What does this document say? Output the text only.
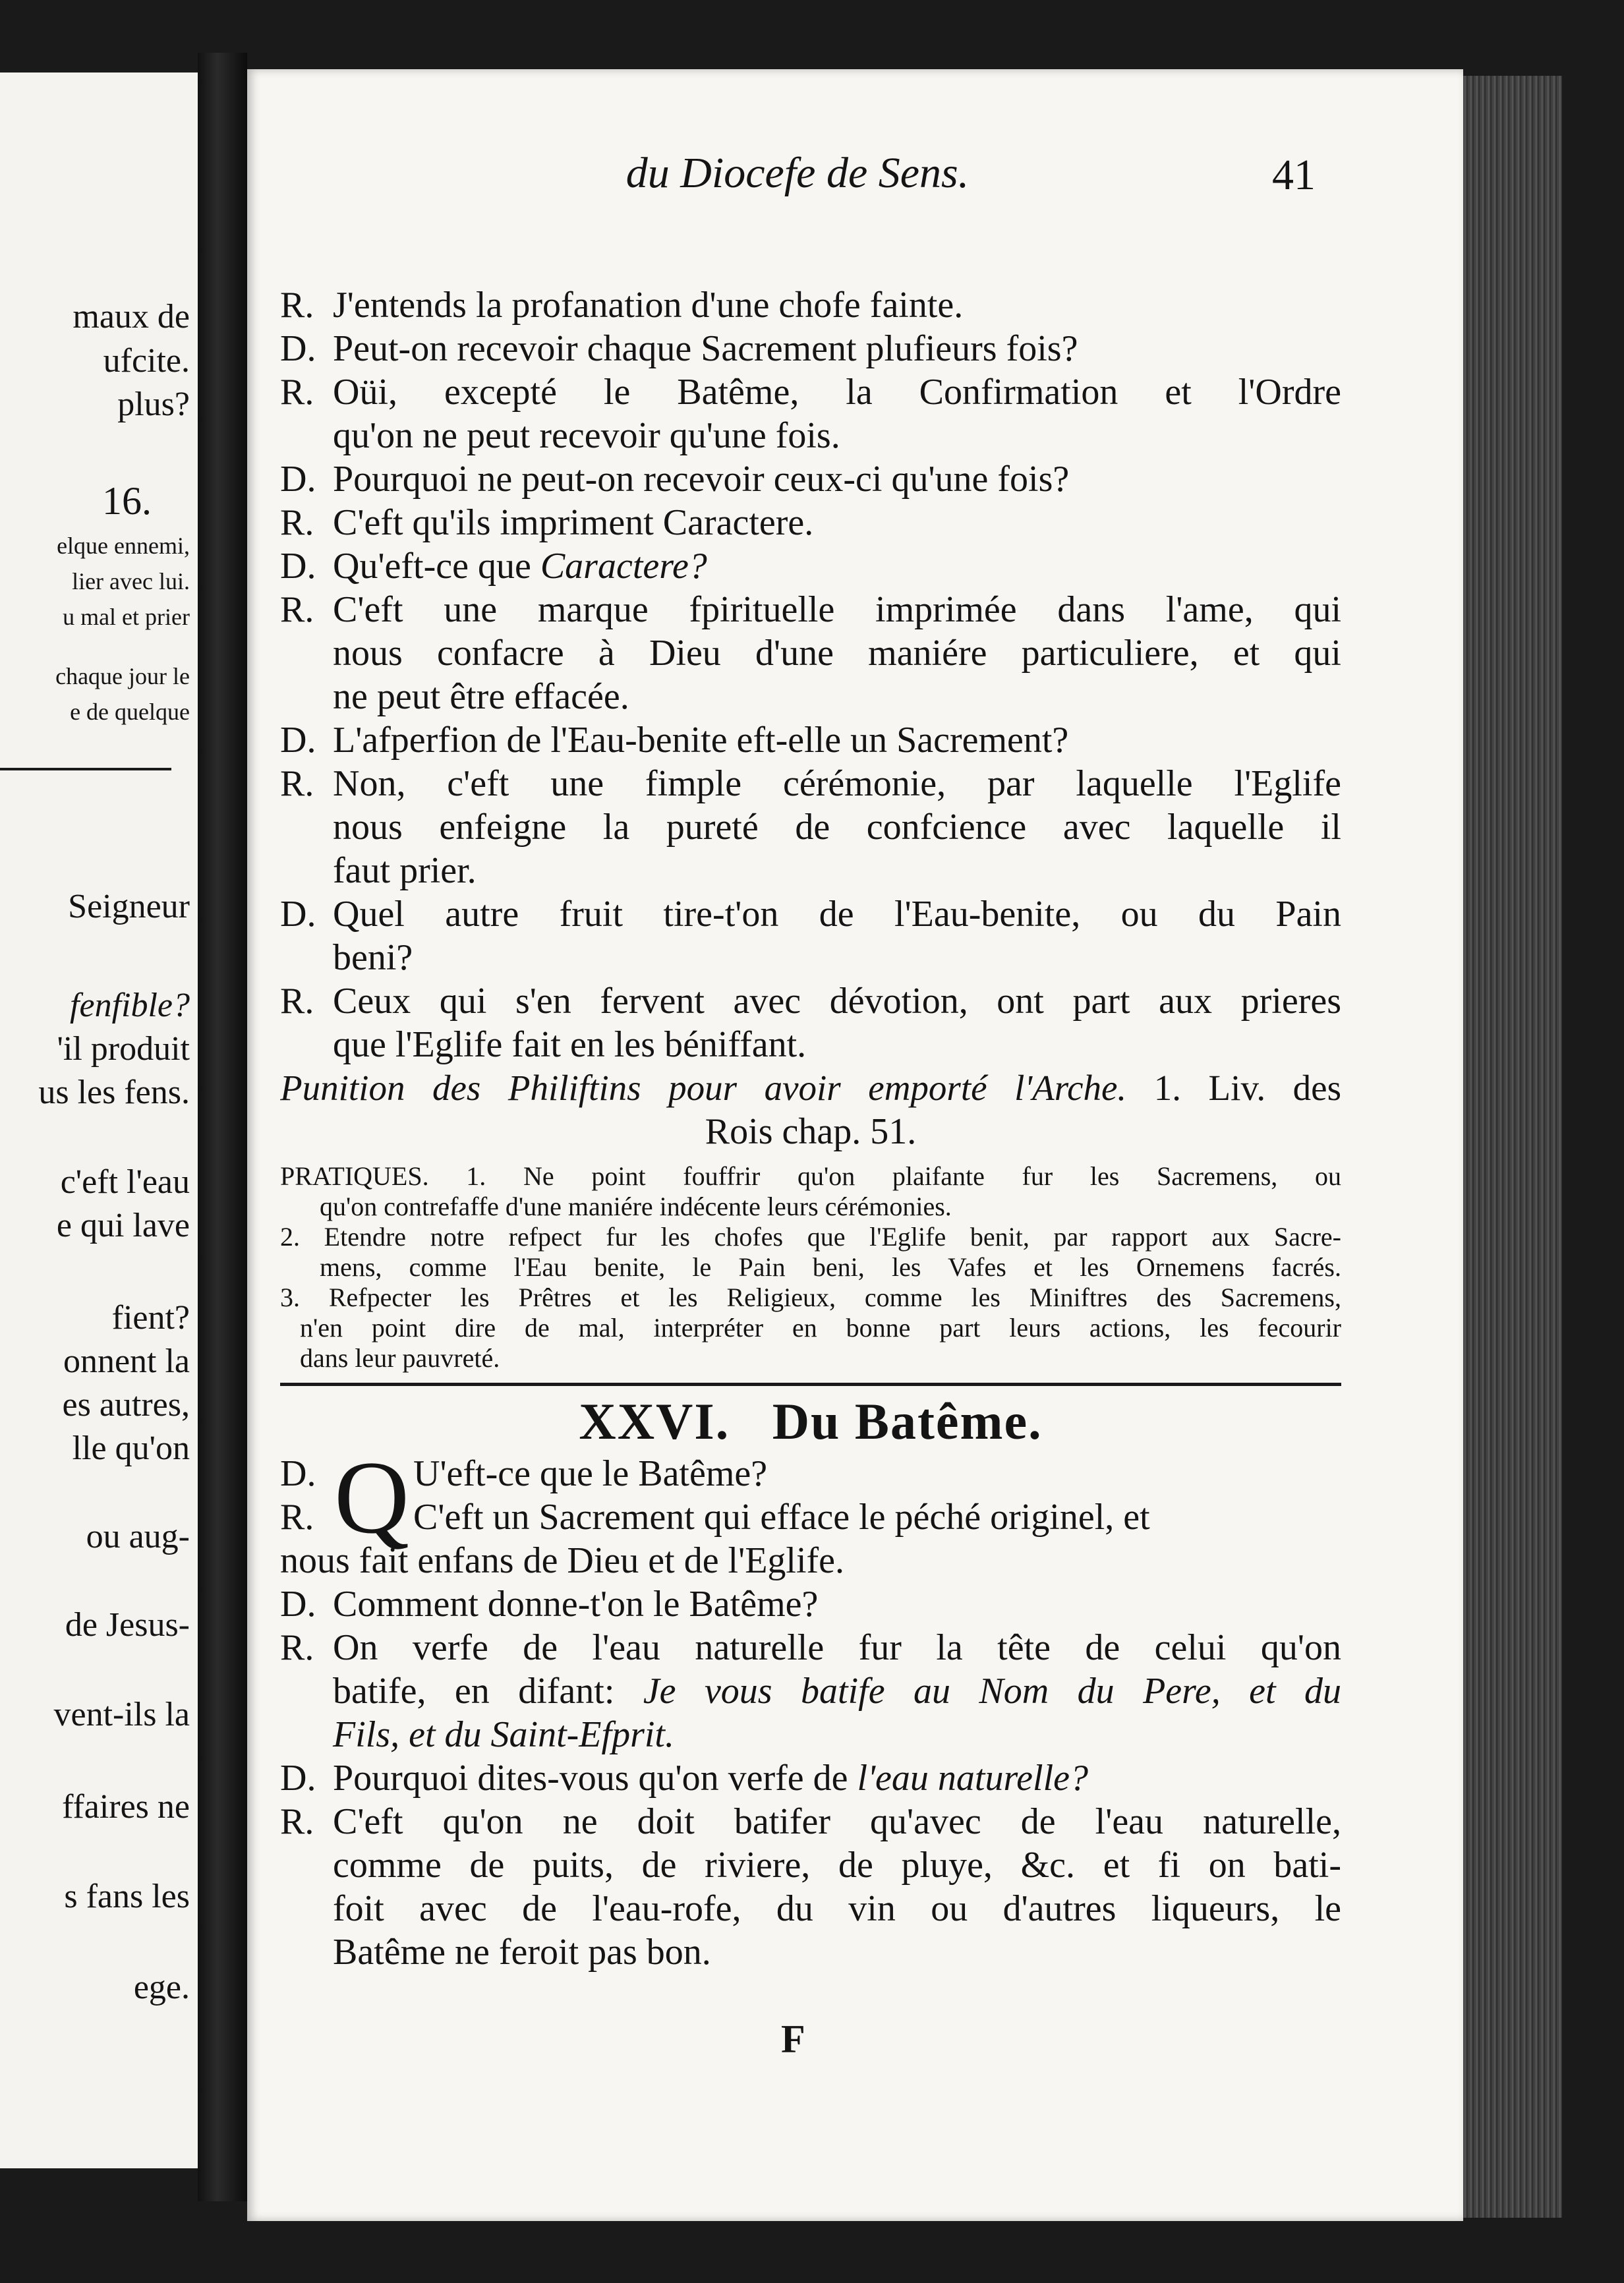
maux de
ufcite.
plus?
16.
elque ennemi,
lier avec lui.
u mal et prier
chaque jour le
e de quelque
Seigneur
fenfible?
'il produit
us les fens.
c'eft l'eau
e qui lave
fient?
onnent la
es autres,
lle qu'on
ou aug-
de Jesus-
vent-ils la
ffaires ne
s fans les
ege.
du Diocefe de Sens.	41
R. J'entends la profanation d'une chofe fainte.
D. Peut-on recevoir chaque Sacrement plufieurs fois?
R. Oüi, excepté le Batême, la Confirmation et l'Ordre
qu'on ne peut recevoir qu'une fois.
D. Pourquoi ne peut-on recevoir ceux-ci qu'une fois?
R. C'eft qu'ils impriment Caractere.
D. Qu'eft-ce que Caractere?
R. C'eft une marque fpirituelle imprimée dans l'ame, qui
nous confacre à Dieu d'une maniére particuliere, et qui
ne peut être effacée.
D. L'afperfion de l'Eau-benite eft-elle un Sacrement?
R. Non, c'eft une fimple cérémonie, par laquelle l'Eglife
nous enfeigne la pureté de confcience avec laquelle il
faut prier.
D. Quel autre fruit tire-t'on de l'Eau-benite, ou du Pain
beni?
R. Ceux qui s'en fervent avec dévotion, ont part aux prieres
que l'Eglife fait en les béniffant.
Punition des Philiftins pour avoir emporté l'Arche. 1. Liv. des
Rois chap. 51.
PRATIQUES. 1. Ne point fouffrir qu'on plaifante fur les Sacremens, ou
qu'on contrefaffe d'une maniére indécente leurs cérémonies.
2. Etendre notre refpect fur les chofes que l'Eglife benit, par rapport aux Sacre-
mens, comme l'Eau benite, le Pain beni, les Vafes et les Ornemens facrés.
3. Refpecter les Prêtres et les Religieux, comme les Miniftres des Sacremens,
n'en point dire de mal, interpréter en bonne part leurs actions, les fecourir
dans leur pauvreté.
XXVI. Du Batême.
Q
D.	U'eft-ce que le Batême?
R.	C'eft un Sacrement qui efface le péché originel, et
nous fait enfans de Dieu et de l'Eglife.
D. Comment donne-t'on le Batême?
R. On verfe de l'eau naturelle fur la tête de celui qu'on
batife, en difant: Je vous batife au Nom du Pere, et du
Fils, et du Saint-Efprit.
D. Pourquoi dites-vous qu'on verfe de l'eau naturelle?
R. C'eft qu'on ne doit batifer qu'avec de l'eau naturelle,
comme de puits, de riviere, de pluye, &c. et fi on bati-
foit avec de l'eau-rofe, du vin ou d'autres liqueurs, le
Batême ne feroit pas bon.
F
